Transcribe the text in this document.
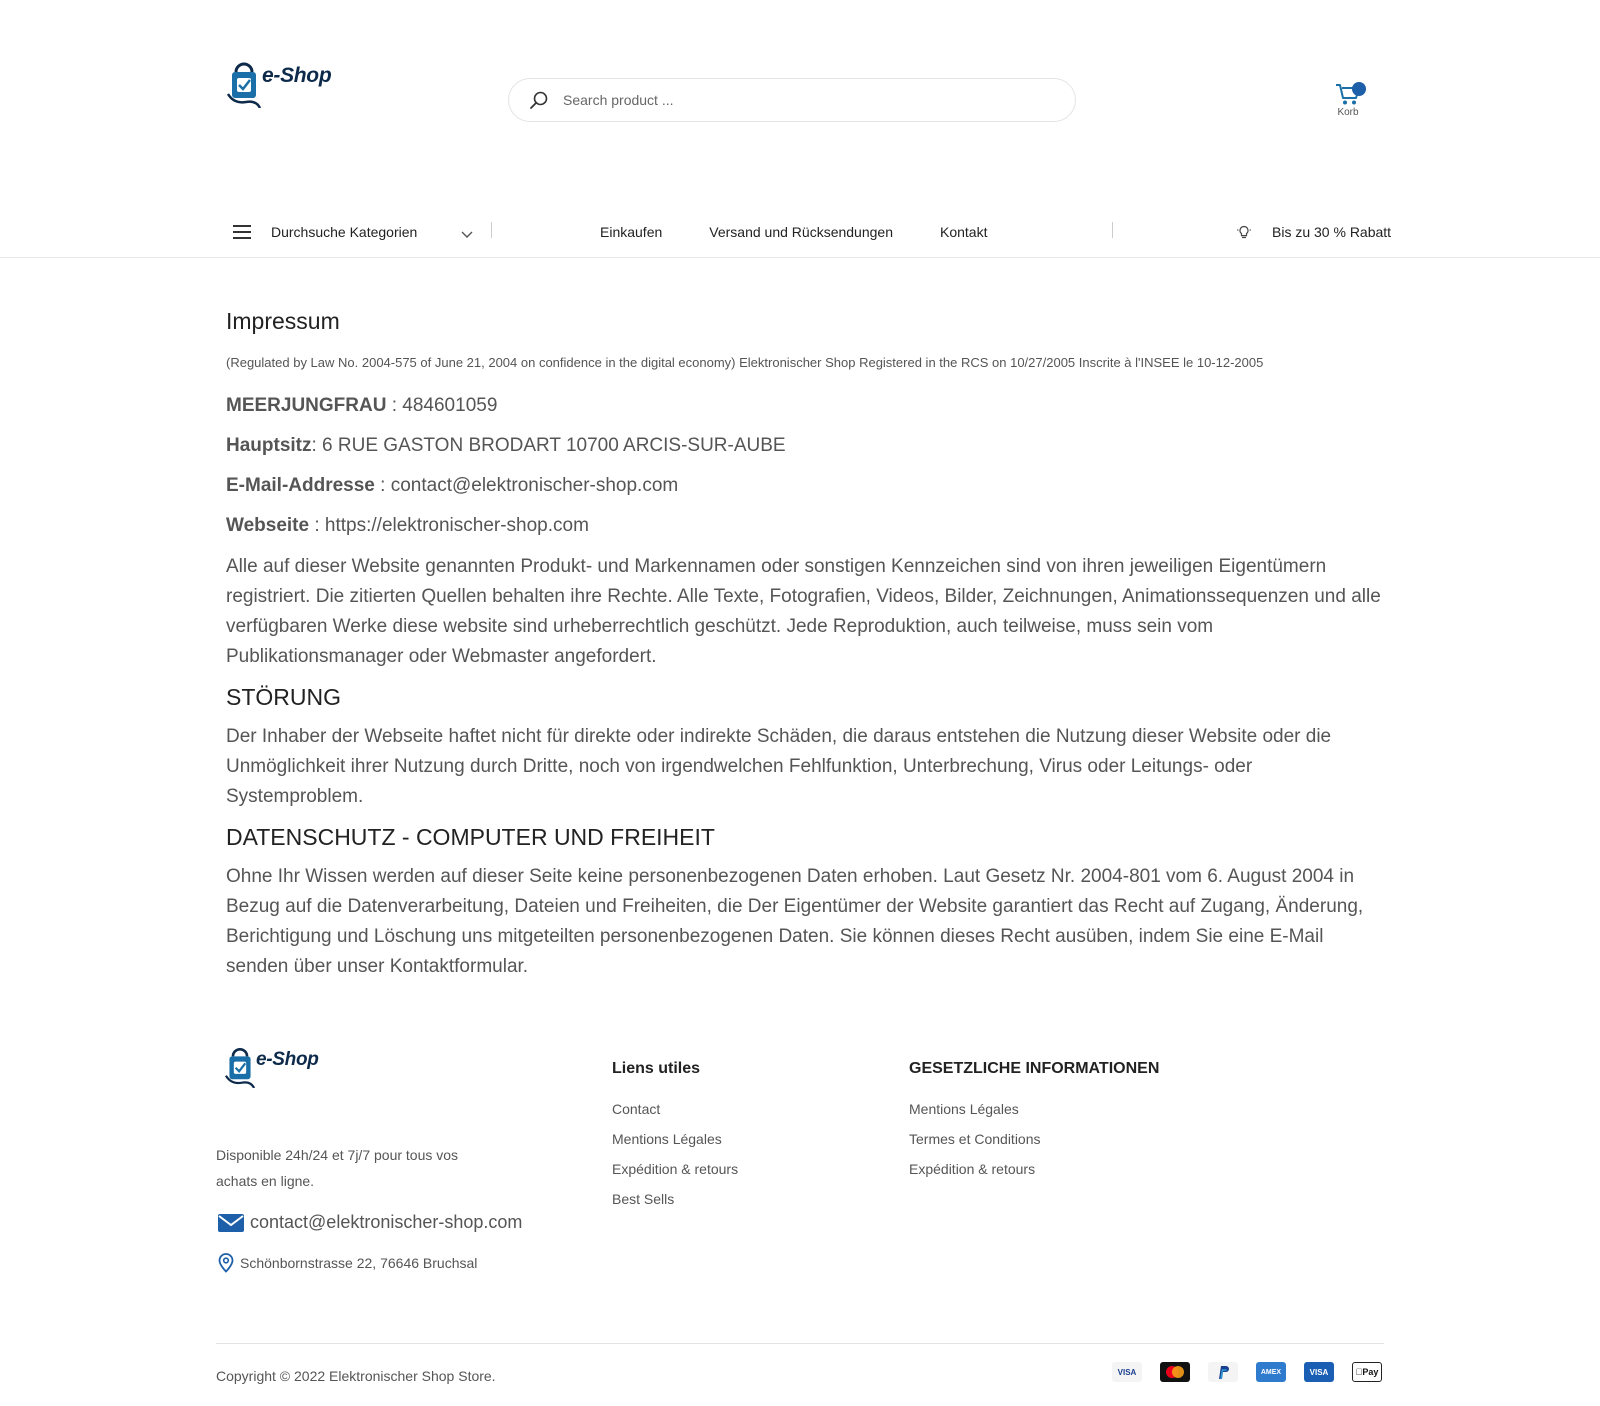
e-Shop
Search product ...
Korb
Durchsuche Kategorien	Einkaufen	Versand und Rücksendungen	Kontakt	Bis zu 30 % Rabatt
Impressum

(Regulated by Law No. 2004-575 of June 21, 2004 on confidence in the digital economy) Elektronischer Shop Registered in the RCS on 10/27/2005 Inscrite à l'INSEE le 10-12-2005

MEERJUNGFRAU : 484601059

Hauptsitz: 6 RUE GASTON BRODART 10700 ARCIS-SUR-AUBE

E-Mail-Addresse : contact@elektronischer-shop.com

Webseite : https://elektronischer-shop.com

Alle auf dieser Website genannten Produkt- und Markennamen oder sonstigen Kennzeichen sind von ihren jeweiligen Eigentümern registriert. Die zitierten Quellen behalten ihre Rechte. Alle Texte, Fotografien, Videos, Bilder, Zeichnungen, Animationssequenzen und alle verfügbaren Werke diese website sind urheberrechtlich geschützt. Jede Reproduktion, auch teilweise, muss sein vom Publikationsmanager oder Webmaster angefordert.

STÖRUNG

Der Inhaber der Webseite haftet nicht für direkte oder indirekte Schäden, die daraus entstehen die Nutzung dieser Website oder die Unmöglichkeit ihrer Nutzung durch Dritte, noch von irgendwelchen Fehlfunktion, Unterbrechung, Virus oder Leitungs- oder Systemproblem.

DATENSCHUTZ - COMPUTER UND FREIHEIT

Ohne Ihr Wissen werden auf dieser Seite keine personenbezogenen Daten erhoben. Laut Gesetz Nr. 2004-801 vom 6. August 2004 in Bezug auf die Datenverarbeitung, Dateien und Freiheiten, die Der Eigentümer der Website garantiert das Recht auf Zugang, Änderung, Berichtigung und Löschung uns mitgeteilten personenbezogenen Daten. Sie können dieses Recht ausüben, indem Sie eine E-Mail senden über unser Kontaktformular.

e-Shop
Disponible 24h/24 et 7j/7 pour tous vos achats en ligne.
contact@elektronischer-shop.com
Schönbornstrasse 22, 76646 Bruchsal
Liens utiles
Contact
Mentions Légales
Expédition & retours
Best Sells
GESETZLICHE INFORMATIONEN
Mentions Légales
Termes et Conditions
Expédition & retours
Copyright © 2022 Elektronischer Shop Store.	VISA	AMEX	VISA	Pay
